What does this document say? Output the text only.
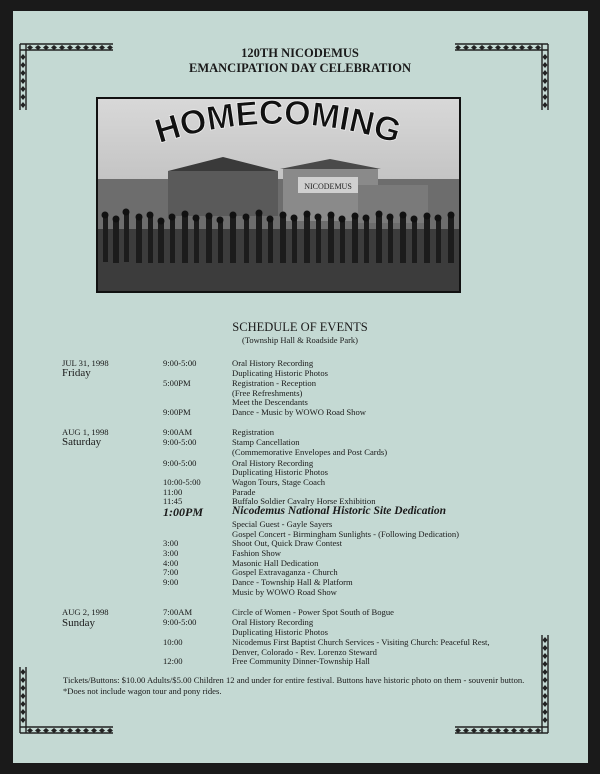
120TH NICODEMUS
EMANCIPATION DAY CELEBRATION
NICODEMUS
HOMECOMING
SCHEDULE OF EVENTS
(Township Hall & Roadside Park)
JUL 31, 1998
Friday
AUG 1, 1998
Saturday
AUG 2, 1998
Sunday
9:00-5:00
5:00PM
9:00PM
9:00AM
9:00-5:00
9:00-5:00
10:00-5:00
11:00
11:45
1:00PM
3:00
3:00
4:00
7:00
9:00
7:00AM
9:00-5:00
10:00
12:00
Oral History Recording
Duplicating Historic Photos
Registration - Reception
(Free Refreshments)
Meet the Descendants
Dance - Music by WOWO Road Show
Registration
Stamp Cancellation
(Commemorative Envelopes and Post Cards)
Oral History Recording
Duplicating Historic Photos
Wagon Tours, Stage Coach
Parade
Buffalo Soldier Cavalry Horse Exhibition
Nicodemus National Historic Site Dedication
Special Guest - Gayle Sayers
Gospel Concert - Birmingham Sunlights - (Following Dedication)
Shoot Out, Quick Draw Contest
Fashion Show
Masonic Hall Dedication
Gospel Extravaganza - Church
Dance - Township Hall & Platform
Music by WOWO Road Show
Circle of Women - Power Spot South of Bogue
Oral History Recording
Duplicating Historic Photos
Nicodemus First Baptist Church Services - Visiting Church: Peaceful Rest,
Denver, Colorado - Rev. Lorenzo Steward
Free Community Dinner-Township Hall
Tickets/Buttons: $10.00 Adults/$5.00 Children 12 and under for entire festival. Buttons have historic photo on them - souvenir button. *Does not include wagon tour and pony rides.
